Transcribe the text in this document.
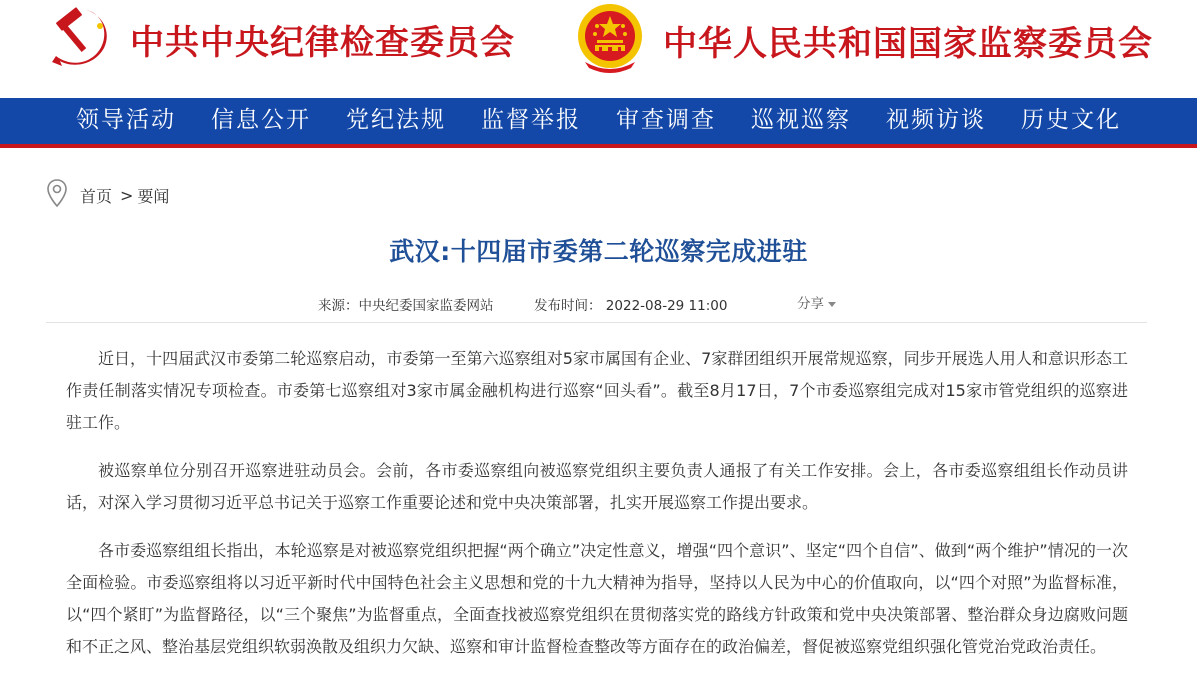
中共中央纪律检查委员会	中华人民共和国国家监察委员会
领导活动 信息公开 党纪法规 监督举报 审查调查 巡视巡察 视频访谈 历史文化
首页 > 要闻
武汉:十四届市委第二轮巡察完成进驻
来源：中央纪委国家监委网站	发布时间： 2022-08-29 11:00	分享

近日，十四届武汉市委第二轮巡察启动，市委第一至第六巡察组对5家市属国有企业、7家群团组织开展常规巡察，同步开展选人用人和意识形态工作责任制落实情况专项检查。市委第七巡察组对3家市属金融机构进行巡察“回头看”。截至8月17日，7个市委巡察组完成对15家市管党组织的巡察进驻工作。

被巡察单位分别召开巡察进驻动员会。会前，各市委巡察组向被巡察党组织主要负责人通报了有关工作安排。会上，各市委巡察组组长作动员讲话，对深入学习贯彻习近平总书记关于巡察工作重要论述和党中央决策部署，扎实开展巡察工作提出要求。

各市委巡察组组长指出，本轮巡察是对被巡察党组织把握“两个确立”决定性意义，增强“四个意识”、坚定“四个自信”、做到“两个维护”情况的一次全面检验。市委巡察组将以习近平新时代中国特色社会主义思想和党的十九大精神为指导，坚持以人民为中心的价值取向，以“四个对照”为监督标准，以“四个紧盯”为监督路径，以“三个聚焦”为监督重点，全面查找被巡察党组织在贯彻落实党的路线方针政策和党中央决策部署、整治群众身边腐败问题和不正之风、整治基层党组织软弱涣散及组织力欠缺、巡察和审计监督检查整改等方面存在的政治偏差，督促被巡察党组织强化管党治党政治责任。
